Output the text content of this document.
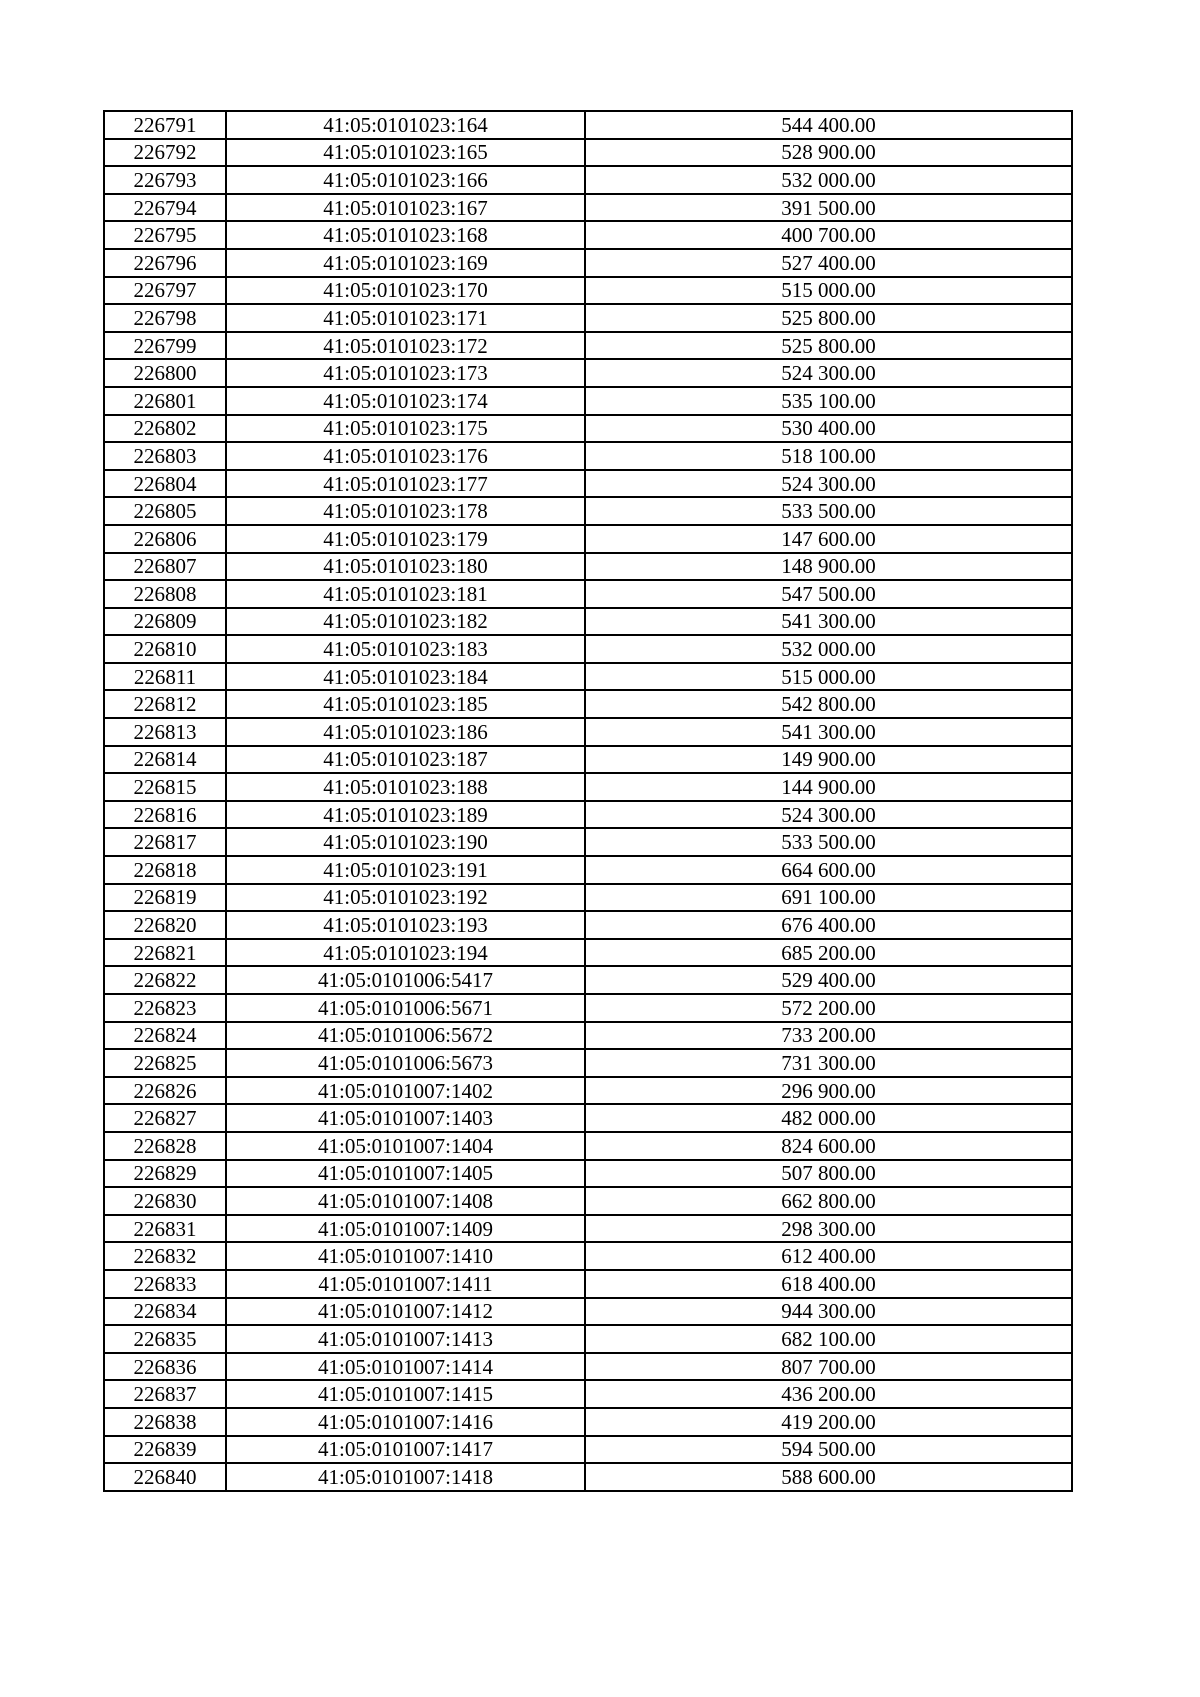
226791	41:05:0101023:164	544 400.00
226792	41:05:0101023:165	528 900.00
226793	41:05:0101023:166	532 000.00
226794	41:05:0101023:167	391 500.00
226795	41:05:0101023:168	400 700.00
226796	41:05:0101023:169	527 400.00
226797	41:05:0101023:170	515 000.00
226798	41:05:0101023:171	525 800.00
226799	41:05:0101023:172	525 800.00
226800	41:05:0101023:173	524 300.00
226801	41:05:0101023:174	535 100.00
226802	41:05:0101023:175	530 400.00
226803	41:05:0101023:176	518 100.00
226804	41:05:0101023:177	524 300.00
226805	41:05:0101023:178	533 500.00
226806	41:05:0101023:179	147 600.00
226807	41:05:0101023:180	148 900.00
226808	41:05:0101023:181	547 500.00
226809	41:05:0101023:182	541 300.00
226810	41:05:0101023:183	532 000.00
226811	41:05:0101023:184	515 000.00
226812	41:05:0101023:185	542 800.00
226813	41:05:0101023:186	541 300.00
226814	41:05:0101023:187	149 900.00
226815	41:05:0101023:188	144 900.00
226816	41:05:0101023:189	524 300.00
226817	41:05:0101023:190	533 500.00
226818	41:05:0101023:191	664 600.00
226819	41:05:0101023:192	691 100.00
226820	41:05:0101023:193	676 400.00
226821	41:05:0101023:194	685 200.00
226822	41:05:0101006:5417	529 400.00
226823	41:05:0101006:5671	572 200.00
226824	41:05:0101006:5672	733 200.00
226825	41:05:0101006:5673	731 300.00
226826	41:05:0101007:1402	296 900.00
226827	41:05:0101007:1403	482 000.00
226828	41:05:0101007:1404	824 600.00
226829	41:05:0101007:1405	507 800.00
226830	41:05:0101007:1408	662 800.00
226831	41:05:0101007:1409	298 300.00
226832	41:05:0101007:1410	612 400.00
226833	41:05:0101007:1411	618 400.00
226834	41:05:0101007:1412	944 300.00
226835	41:05:0101007:1413	682 100.00
226836	41:05:0101007:1414	807 700.00
226837	41:05:0101007:1415	436 200.00
226838	41:05:0101007:1416	419 200.00
226839	41:05:0101007:1417	594 500.00
226840	41:05:0101007:1418	588 600.00
